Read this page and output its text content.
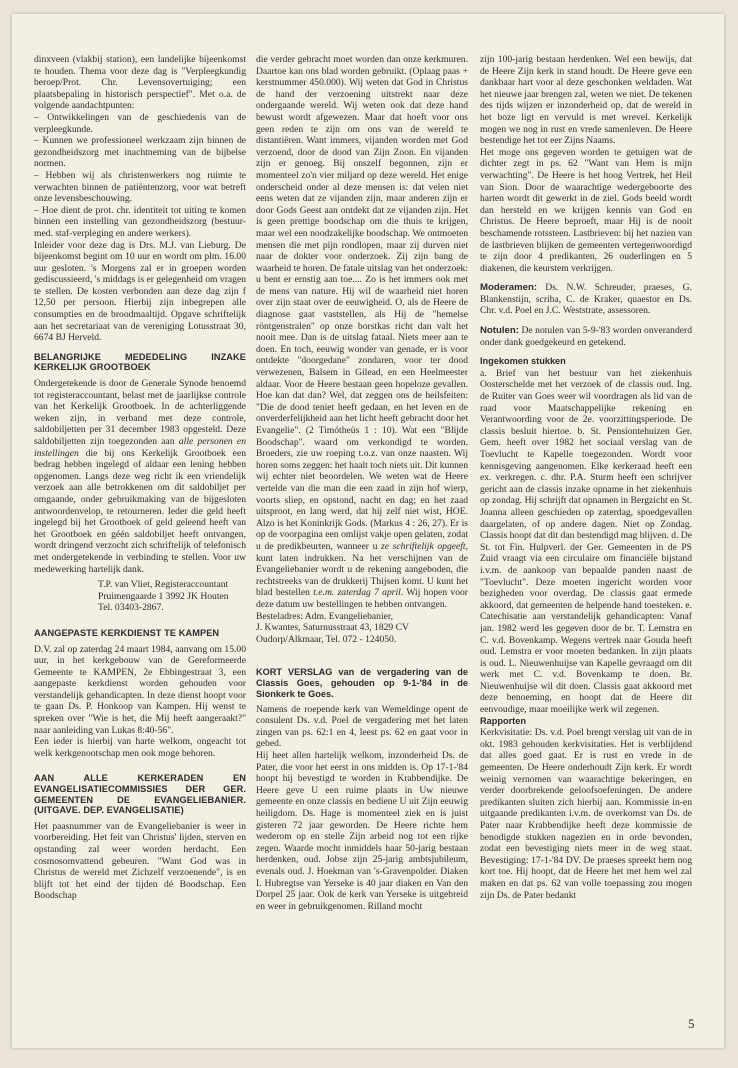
dinxveen (vlakbij station), een landelijke bijeenkomst te houden. Thema voor deze dag is "Verpleegkundig beroep/Prot. Chr. Levensovertuiging; een plaatsbepaling in historisch perspectief". Met o.a. de volgende aandachtpunten:

– Ontwikkelingen van de geschiedenis van de verpleegkunde.

– Kunnen we professioneel werkzaam zijn binnen de gezondheidszorg met inachtneming van de bijbelse normen.

– Hebben wij als christenwerkers nog ruimte te verwachten binnen de patiëntenzorg, voor wat betreft onze levensbeschouwing.

– Hoe dient de prot. chr. identiteit tot uiting te komen binnen een instelling van gezondheidszorg (bestuur-med. staf-verpleging en andere werkers).

Inleider voor deze dag is Drs. M.J. van Lieburg. De bijeenkomst begint om 10 uur en wordt om plm. 16.00 uur gesloten. 's Morgens zal er in groepen worden gediscussieerd, 's middags is er gelegenheid om vragen te stellen. De kosten verbonden aan deze dag zijn f 12,50 per persoon. Hierbij zijn inbegrepen alle consumpties en de broodmaaltijd. Opgave schriftelijk aan het secretariaat van de vereniging Lotusstraat 30, 6674 BJ Herveld.

BELANGRIJKE MEDEDELING INZAKE KERKELIJK GROOTBOEK

Ondergetekende is door de Generale Synode benoemd tot registeraccountant, belast met de jaarlijkse controle van het Kerkelijk Grootboek. In de achterliggende weken zijn, in verband met deze controle, saldobiljetten per 31 december 1983 opgesteld. Deze saldobiljetten zijn toegezonden aan alle personen en instellingen die bij ons Kerkelijk Grootboek een bedrag hebben ingelegd of aldaar een lening hebben opgenomen. Langs deze weg richt ik een vriendelijk verzoek aan alle betrokkenen om dit saldobiljet per omgaande, onder gebruikmaking van de bijgesloten antwoordenvelop, te retourneren. Ieder die geld heeft ingelegd bij het Grootboek of geld geleend heeft van het Grootboek en géén saldobiljet heeft ontvangen, wordt dringend verzocht zich schriftelijk of telefonisch met ondergetekende in verbinding te stellen. Voor uw medewerking hartelijk dank.

T.P. van Vliet, Registeraccountant

Pruimengaarde 1 3992 JK Houten

Tel. 03403-2867.

AANGEPASTE KERKDIENST TE KAMPEN

D.V. zal op zaterdag 24 maart 1984, aanvang om 15.00 uur, in het kerkgebouw van de Gereformeerde Gemeente te KAMPEN, 2e Ebbingestraat 3, een aangepaste kerkdienst worden gehouden voor verstandelijk gehandicapten. In deze dienst hoopt voor te gaan Ds. P. Honkoop van Kampen. Hij wenst te spreken over "Wie is het, die Mij heeft aangeraakt?" naar aanleiding van Lukas 8:40-56".

Een ieder is hierbij van harte welkom, ongeacht tot welk kerkgenootschap men ook moge behoren.

AAN ALLE KERKERADEN EN EVANGELISATIECOMMISSIES DER GER. GEMEENTEN DE EVANGELIEBANIER. (UITGAVE. DEP. EVANGELISATIE)

Het paasnummer van de Evangeliebanier is weer in voorbereiding. Het feit van Christus' lijden, sterven en opstanding zal weer worden herdacht. Een cosmosomvattend gebeuren. "Want God was in Christus de wereld met Zichzelf verzoenende", is en blijft tot het eind der tijden dé Boodschap. Een Boodschap

die verder gebracht moet worden dan onze kerkmuren. Daartoe kan ons blad worden gebruikt. (Oplaag paas + kerstnummer 450.000). Wij weten dat God in Christus de hand der verzoening uitstrekt naar deze ondergaande wereld. Wij weten ook dat deze hand bewust wordt afgewezen. Maar dat hoeft voor ons geen reden te zijn om ons van de wereld te distantiëren. Want immers, vijanden worden met God verzoend, door de dood van Zijn Zoon. En vijanden zijn er genoeg. Bij onszelf begonnen, zijn er momenteel zo'n vier miljard op deze wereld. Het enige onderscheid onder al deze mensen is: dat velen niet eens weten dat ze vijanden zijn, maar anderen zijn er door Gods Geest aan ontdekt dat ze vijanden zijn. Het is geen prettige boodschap om die thuis te krijgen, maar wel een noodzakelijke boodschap. We ontmoeten mensen die met pijn rondlopen, maar zij durven niet naar de dokter voor onderzoek. Zij zijn bang de waarheid te horen. De fatale uitslag van het onderzoek: u bent er ernstig aan toe.... Zo is het immers ook met de mens van nature. Hij wil de waarheid niet horen over zijn staat over de eeuwigheid. O, als de Heere de diagnose gaat vaststellen, als Hij de "hemelse röntgenstralen" op onze borstkas richt dan valt het nooit mee. Dan is de uitslag fataal. Niets meer aan te doen. En toch, eeuwig wonder van genade, er is voor ontdekte "doorgedane" zondaren, voor ter dood verwezenen, Balsem in Gilead, en een Heelmeester aldaar. Voor de Heere bestaan geen hopeloze gevallen. Hoe kan dat dan? Wel, dat zeggen ons de heilsfeiten: "Die de dood teniet heeft gedaan, en het leven en de onverderfelijkheid aan het licht heeft gebracht door het Evangelie". (2 Timótheüs 1 : 10). Wat een "Blijde Boodschap". waard om verkondigd te worden. Broeders, zie uw roeping t.o.z. van onze naasten. Wij horen soms zeggen: het haalt toch niets uit. Dit kunnen wij echter niet beoordelen. We weten wat de Heere vertelde van die man die een zaad in zijn hof wierp, voorts sliep, en opstond, nacht en dag; en het zaad uitsproot, en lang werd, dat hij zelf niet wist, HOE. Alzo is het Koninkrijk Gods. (Markus 4 : 26, 27). Er is op de voorpagina een omlijst vakje open gelaten, zodat u de predikbeurten, wanneer u ze schriftelijk opgeeft, kunt laten indrukken. Na het verschijnen van de Evangeliebanier wordt u de rekening aangeboden, die rechtstreeks van de drukkerij Thijsen komt. U kunt het blad bestellen t.e.m. zaterdag 7 april. Wij hopen voor deze datum uw bestellingen te hebben ontvangen.

Besteladres: Adm. Evangeliebanier,

J. Kwantes, Saturnusstraat 43, 1829 CV Oudorp/Alkmaar, Tel. 072 - 124050.

KORT VERSLAG van de vergadering van de Classis Goes, gehouden op 9-1-'84 in de Sionkerk te Goes.

Namens de roepende kerk van Wemeldinge opent de consulent Ds. v.d. Poel de vergadering met het laten zingen van ps. 62:1 en 4, leest ps. 62 en gaat voor in gebed.

Hij heet allen hartelijk welkom, inzonderheid Ds. de Pater, die voor het eerst in ons midden is. Op 17-1-'84 hoopt hij bevestigd te worden in Krabbendijke. De Heere geve U een ruime plaats in Uw nieuwe gemeente en onze classis en bediene U uit Zijn eeuwig heiligdom. Ds. Hage is momenteel ziek en is juist gisteren 72 jaar geworden. De Heere richte hem wederom op en stelle Zijn arbeid nog tot een rijke zegen. Waarde mocht inmiddels haar 50-jarig bestaan herdenken, oud. Jobse zijn 25-jarig ambtsjubileum, evenals oud. J. Hoekman van 's-Gravenpolder. Diaken I. Hubregtse van Yerseke is 40 jaar diaken en Van den Dorpel 25 jaar. Ook de kerk van Yerseke is uitgebreid en weer in gebruikgenomen. Rilland mocht

zijn 100-jarig bestaan herdenken. Wel een bewijs, dat de Heere Zijn kerk in stand houdt. De Heere geve een dankbaar hart voor al deze geschonken weldaden. Wat het nieuwe jaar brengen zal, weten we niet. De tekenen des tijds wijzen er inzonderheid op, dat de wereld in het boze ligt en vervuld is met wrevel. Kerkelijk mogen we nog in rust en vrede samenleven. De Heere bestendige het tot eer Zijns Naams.

Het moge ons gegeven worden te getuigen wat de dichter zegt in ps. 62 "Want van Hem is mijn verwachting". De Heere is het hoog Vertrek, het Heil van Sion. Door de waarachtige wedergeboorte des harten wordt dit gewerkt in de ziel. Gods beeld wordt dan hersteld en we krijgen kennis van God en Christus. De Heere beproeft, maar Hij is de nooit beschamende rotssteen. Lastbrieven: bij het nazien van de lastbrieven blijken de gemeenten vertegenwoordigd te zijn door 4 predikanten, 26 ouderlingen en 5 diakenen, die keurstem verkrijgen.

Moderamen: Ds. N.W. Schreuder, praeses, G. Blankenstijn, scriba, C. de Kraker, quaestor en Ds. Chr. v.d. Poel en J.C. Weststrate, assessoren.

Notulen: De notulen van 5-9-'83 worden onveranderd onder dank goedgekeurd en getekend.

Ingekomen stukken

a. Brief van het bestuur van het ziekenhuis Oosterschelde met het verzoek of de classis oud. Ing. de Ruiter van Goes weer wil voordragen als lid van de raad voor Maatschappelijke rekening en Verantwoording voor de 2e. voorzittingsperiode. De classis besluit hiertoe. b. St. Pensiontehuizen Ger. Gem. heeft over 1982 het sociaal verslag van de Toevlucht te Kapelle toegezonden. Wordt voor kennisgeving aangenomen. Elke kerkeraad heeft een ex. verkregen. c. dhr. P.A. Sturm heeft een schrijver gericht aan de classis inzake opname in het ziekenhuis op zondag. Hij schrijft dat opnamen in Bergzicht en St. Joanna alleen geschieden op zaterdag, spoedgevallen daargelaten, of op andere dagen. Niet op Zondag. Classis hoopt dat dit dan bestendigd mag blijven. d. De St. tot Fin. Hulpverl. der Ger. Gemeenten in de PS Zuid vraagt via een circulaire om financiële bijstand i.v.m. de aankoop van bepaalde panden naast de "Toevlucht". Deze moeten ingericht worden voor bezigheden voor overdag. De classis gaat ermede akkoord, dat gemeenten de helpende hand toesteken. e. Catechisatie aan verstandelijk gehandicapten: Vanaf jan. 1982 werd les gegeven door de br. T. Lemstra en C. v.d. Bovenkamp. Wegens vertrek naar Gouda heeft oud. Lemstra er voor moeten bedanken. In zijn plaats is oud. L. Nieuwenhuijse van Kapelle gevraagd om dit werk met C. v.d. Bovenkamp te doen. Br. Nieuwenhuijse wil dit doen. Classis gaat akkoord met deze benoeming, en hoopt dat de Heere dit eenvoudige, maar moeilijke werk wil zegenen.

Rapporten

Kerkvisitatie: Ds. v.d. Poel brengt verslag uit van de in okt. 1983 gehouden kerkvisitaties. Het is verblijdend dat alles goed gaat. Er is rust en vrede in de gemeenten. De Heere onderhoudt Zijn kerk. Er wordt weinig vernomen van waarachtige bekeringen, en verder doorbrekende geloofsoefeningen. De andere predikanten sluiten zich hierbij aan. Kommissie in-en uitgaande predikanten i.v.m. de overkomst van Ds. de Pater naar Krabbendijke heeft deze kommissie de benodigde stukken nagezien en in orde bevonden, zodat een bevestiging niets meer in de weg staat. Bevestiging: 17-1-'84 DV. De praeses spreekt hem nog kort toe. Hij hoopt, dat de Heere het met hem wel zal maken en dat ps. 62 van volle toepassing zou mogen zijn Ds. de Pater bedankt

5
